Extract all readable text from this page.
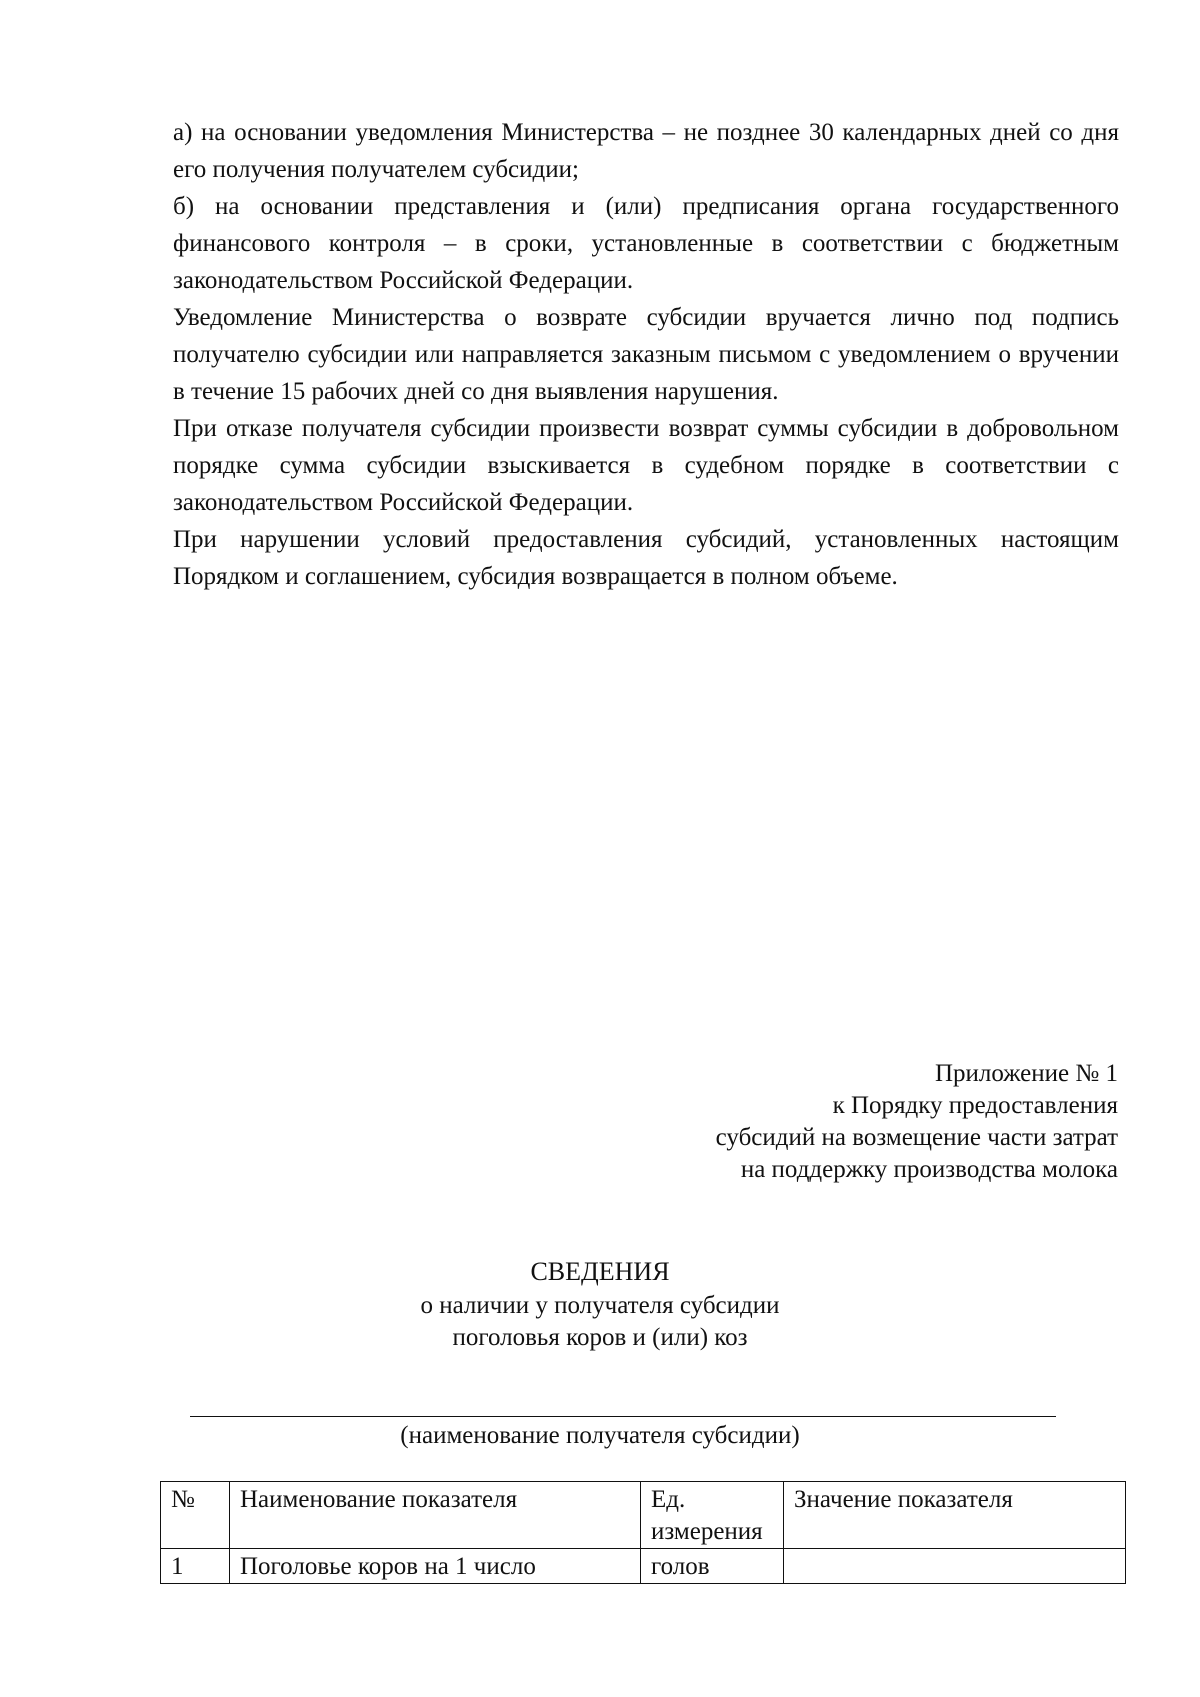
а) на основании уведомления Министерства – не позднее 30 календарных дней со дня его получения получателем субсидии;

б) на основании представления и (или) предписания органа государственного финансового контроля – в сроки, установленные в соответствии с бюджетным законодательством Российской Федерации.

Уведомление Министерства о возврате субсидии вручается лично под подпись получателю субсидии или направляется заказным письмом с уведомлением о вручении в течение 15 рабочих дней со дня выявления нарушения.

При отказе получателя субсидии произвести возврат суммы субсидии в добровольном порядке сумма субсидии взыскивается в судебном порядке в соответствии с законодательством Российской Федерации.

При нарушении условий предоставления субсидий, установленных настоящим Порядком и соглашением, субсидия возвращается в полном объеме.

Приложение № 1
к Порядку предоставления
субсидий на возмещение части затрат
на поддержку производства молока
СВЕДЕНИЯ
о наличии у получателя субсидии
поголовья коров и (или) коз
(наименование получателя субсидии)
№	Наименование показателя	Ед. измерения	Значение показателя
1	Поголовье коров на 1 число	голов	
